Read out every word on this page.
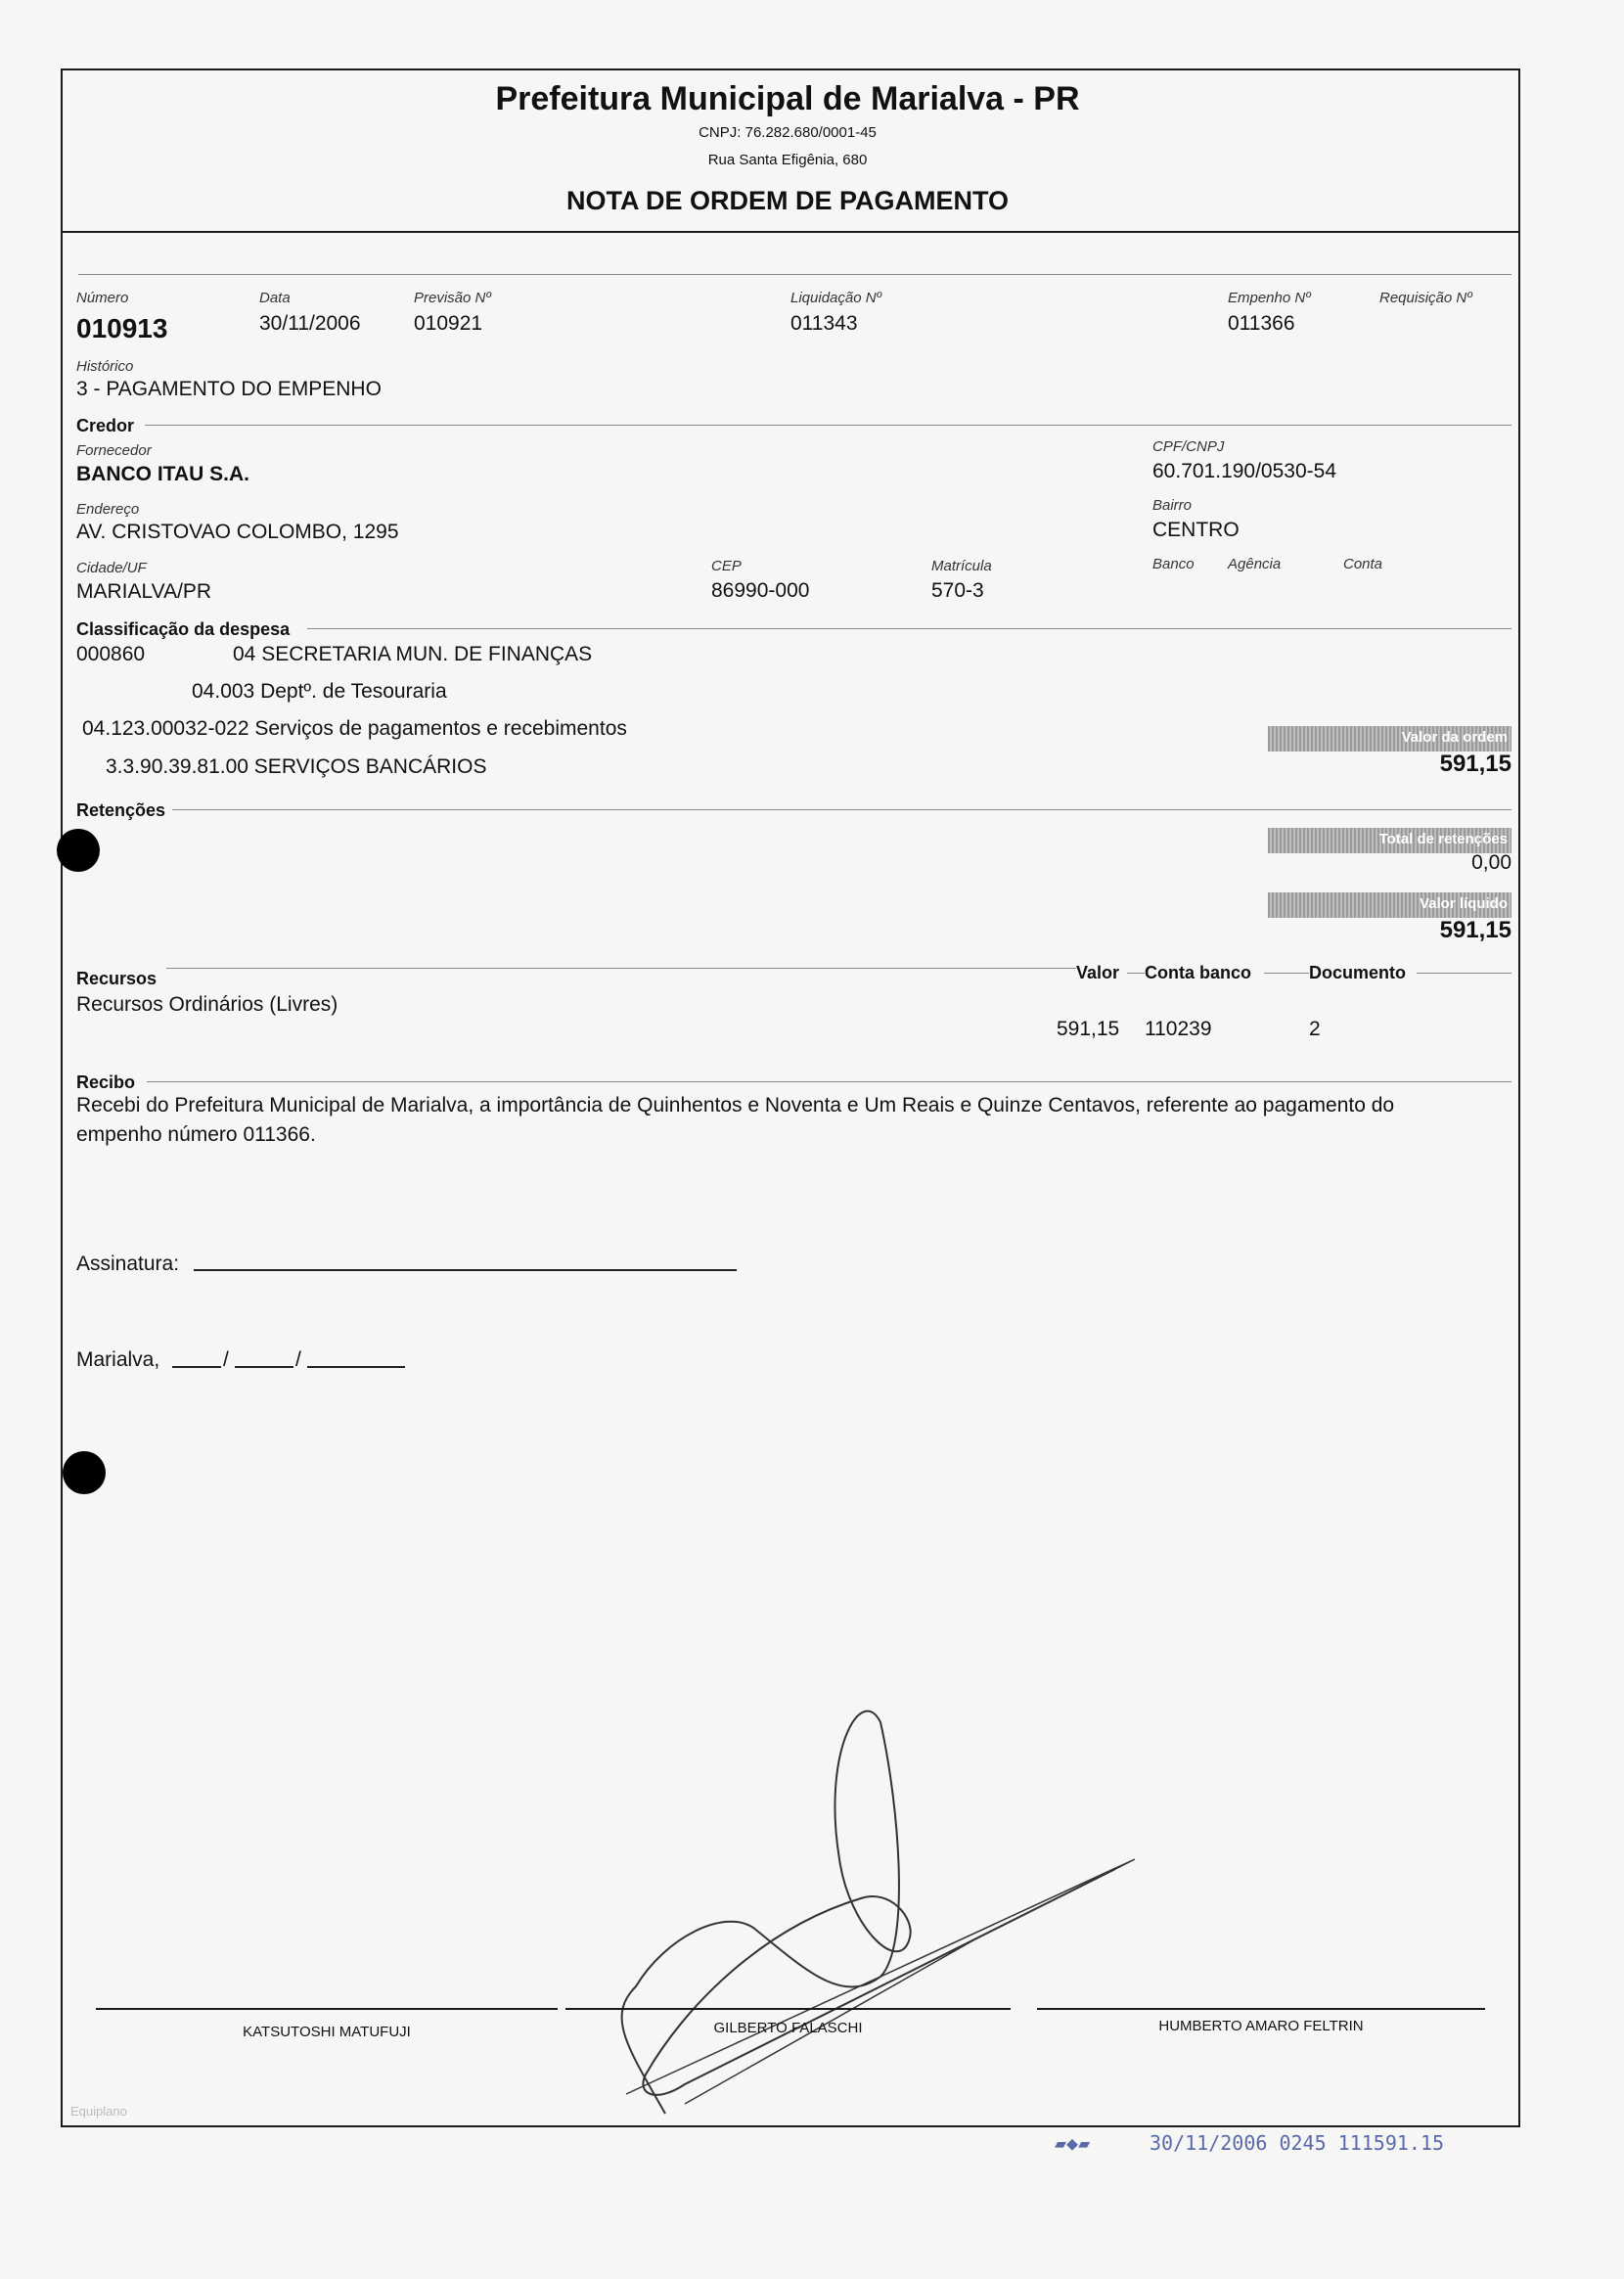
Prefeitura Municipal de Marialva - PR
CNPJ: 76.282.680/0001-45
Rua Santa Efigênia, 680
NOTA DE ORDEM DE PAGAMENTO
Número
010913
Data
30/11/2006
Previsão Nº
010921
Liquidação Nº
011343
Empenho Nº
011366
Requisição Nº
Histórico
3 - PAGAMENTO DO EMPENHO
Credor
Fornecedor
BANCO ITAU S.A.
CPF/CNPJ
60.701.190/0530-54
Endereço
AV. CRISTOVAO COLOMBO, 1295
Bairro
CENTRO
Cidade/UF
MARIALVA/PR
CEP
86990-000
Matrícula
570-3
Banco Agência	Conta
Classificação da despesa
000860	04 SECRETARIA MUN. DE FINANÇAS
04.003 Deptº. de Tesouraria
04.123.00032-022 Serviços de pagamentos e recebimentos
3.3.90.39.81.00 SERVIÇOS BANCÁRIOS
Valor da ordem
591,15
Retenções
Total de retenções
0,00
Valor líquido
591,15
Recursos	Valor Conta banco	Documento
Recursos Ordinários (Livres)
591,15 110239	2
Recibo
Recebi do Prefeitura Municipal de Marialva, a importância de Quinhentos e Noventa e Um Reais e Quinze Centavos, referente ao pagamento do
empenho número 011366.
Assinatura:
Marialva,	/	/
KATSUTOSHI MATUFUJI	GILBERTO FALASCHI	HUMBERTO AMARO FELTRIN
Equiplano
▰◆▰	30/11/2006 0245 111591.15
